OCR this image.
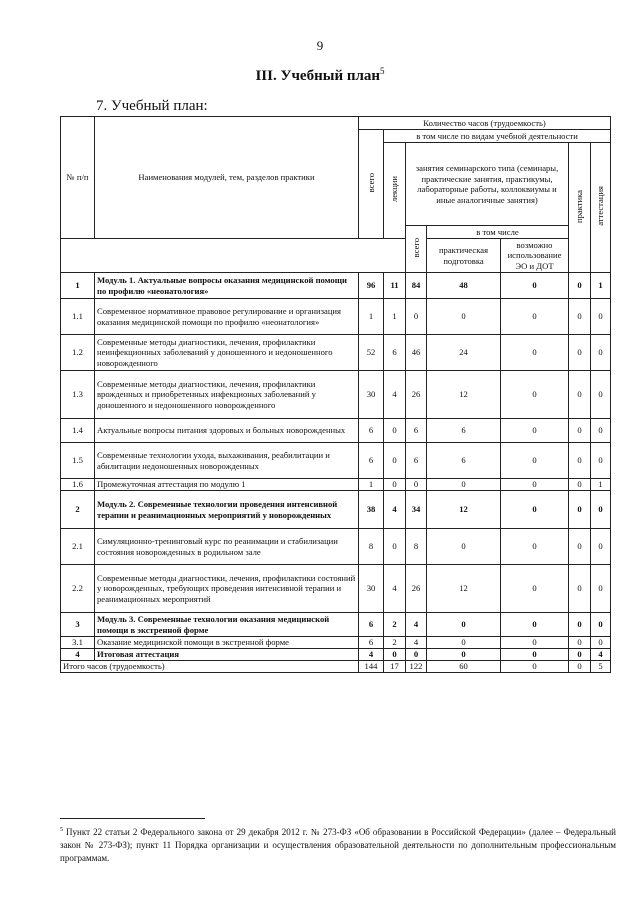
9
III. Учебный план$^5$
7. Учебный план:
№ п/п	Наименования модулей, тем, разделов практики	Количество часов (трудоемкость)						
		всего	в том числе по видам учебной деятельности					
			лекции	занятия семинарского типа (семинары, практические занятия, практикумы, лабораторные работы, коллоквиумы и иные аналогичные занятия)			практика	аттестация
				всего	в том числе			
					практическая подготовка	возможно использование ЭО и ДОТ		
1	Модуль 1. Актуальные вопросы оказания медицинской помощи по профилю «неонатология»	96	11	84	48	0	0	1
1.1	Современное нормативное правовое регулирование и организация оказания медицинской помощи по профилю «неонатология»	1	1	0	0	0	0	0
1.2	Современные методы диагностики, лечения, профилактики неинфекционных заболеваний у доношенного и недоношенного новорожденного	52	6	46	24	0	0	0
1.3	Современные методы диагностики, лечения, профилактики врожденных и приобретенных инфекционых заболеваний у доношенного и недоношенного новорожденного	30	4	26	12	0	0	0
1.4	Актуальные вопросы питания здоровых и больных новорожденных	6	0	6	6	0	0	0
1.5	Современные технологии ухода, выхаживания, реабилитации и абилитации недоношенных новорожденных	6	0	6	6	0	0	0
1.6	Промежуточная аттестация по модулю 1	1	0	0	0	0	0	1
2	Модуль 2. Современные технологии проведения интенсивной терапии и реанимационных мероприятий у новорожденных	38	4	34	12	0	0	0
2.1	Симуляционно-тренинговый курс по реанимации и стабилизации состояния новорожденных в родильном зале	8	0	8	0	0	0	0
2.2	Современные методы диагностики, лечения, профилактики состояний у новорожденных, требующих проведения интенсивной терапии и реанимационных мероприятий	30	4	26	12	0	0	0
3	Модуль 3. Современные технологии оказания медицинской помощи в экстренной форме	6	2	4	0	0	0	0
3.1	Оказание медицинской помощи в экстренной форме	6	2	4	0	0	0	0
4	Итоговая аттестация	4	0	0	0	0	0	4
Итого часов (трудоемкость)		144	17	122	60	0	0	5
$^5$ Пункт 22 статьи 2 Федерального закона от 29 декабря 2012 г. № 273-ФЗ «Об образовании в Российской Федерации» (далее – Федеральный закон № 273-ФЗ); пункт 11 Порядка организации и осуществления образовательной деятельности по дополнительным профессиональным программам.
